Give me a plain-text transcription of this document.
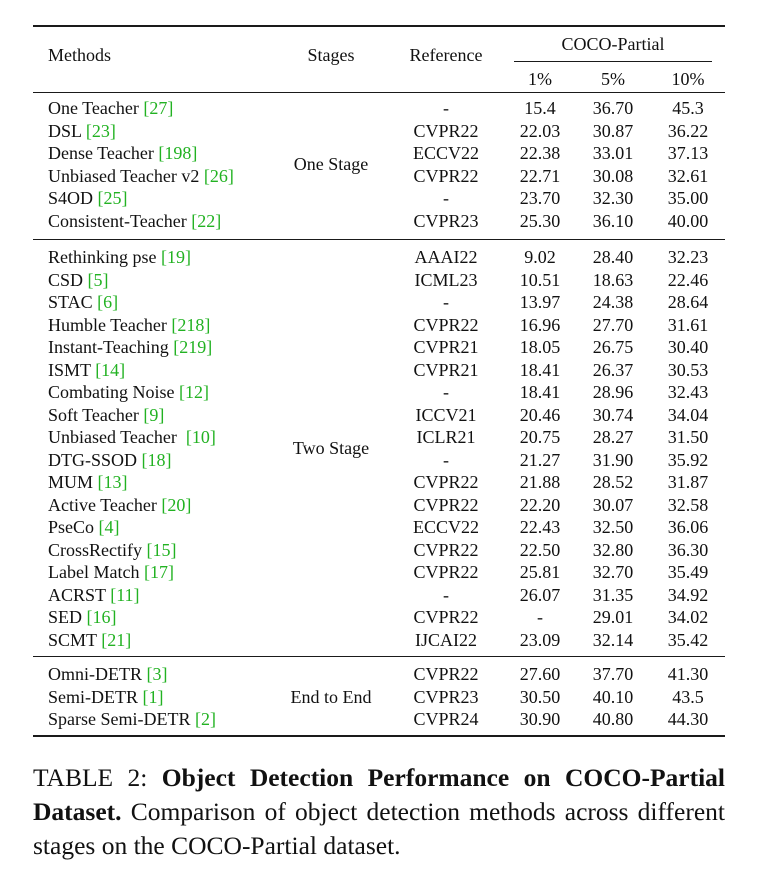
Methods	Stages	Reference
COCO-Partial
1%	5%	10%
One Teacher [27]	-	15.4	36.70	45.3
DSL [23]	CVPR22	22.03	30.87	36.22
Dense Teacher [198]	ECCV22	22.38	33.01	37.13
Unbiased Teacher v2 [26]	CVPR22	22.71	30.08	32.61
S4OD [25]	-	23.70	32.30	35.00
Consistent-Teacher [22]	CVPR23	25.30	36.10	40.00
One Stage
Rethinking pse [19]	AAAI22	9.02	28.40	32.23
CSD [5]	ICML23	10.51	18.63	22.46
STAC [6]	-	13.97	24.38	28.64
Humble Teacher [218]	CVPR22	16.96	27.70	31.61
Instant-Teaching [219]	CVPR21	18.05	26.75	30.40
ISMT [14]	CVPR21	18.41	26.37	30.53
Combating Noise [12]	-	18.41	28.96	32.43
Soft Teacher [9]	ICCV21	20.46	30.74	34.04
Unbiased Teacher  [10]	ICLR21	20.75	28.27	31.50
DTG-SSOD [18]	-	21.27	31.90	35.92
MUM [13]	CVPR22	21.88	28.52	31.87
Active Teacher [20]	CVPR22	22.20	30.07	32.58
PseCo [4]	ECCV22	22.43	32.50	36.06
CrossRectify [15]	CVPR22	22.50	32.80	36.30
Label Match [17]	CVPR22	25.81	32.70	35.49
ACRST [11]	-	26.07	31.35	34.92
SED [16]	CVPR22	-	29.01	34.02
SCMT [21]	IJCAI22	23.09	32.14	35.42
Two Stage
Omni-DETR [3]	CVPR22	27.60	37.70	41.30
Semi-DETR [1]	CVPR23	30.50	40.10	43.5
Sparse Semi-DETR [2]	CVPR24	30.90	40.80	44.30
End to End
TABLE 2: Object Detection Performance on COCO-Partial Dataset. Comparison of object detection methods across different stages on the COCO-Partial dataset.
